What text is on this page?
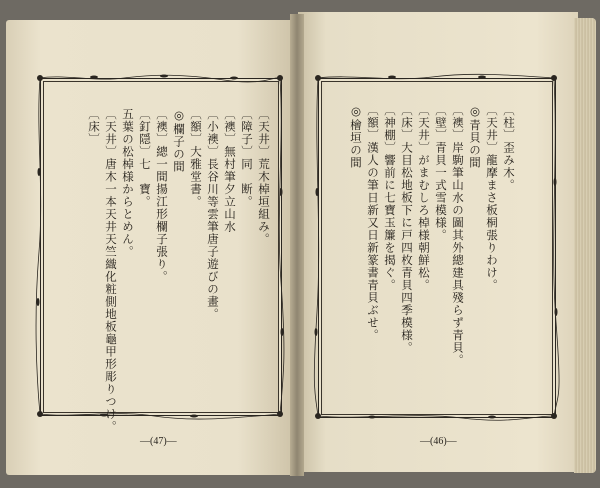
〔天井〕荒木棹垣組み。
〔障子〕同　断。
〔襖〕無村筆夕立山水
〔小襖〕長谷川等雲筆唐子遊びの畫。
〔額〕大雅堂書。
◎欄子の間
〔襖〕總一間揚江形欄子張り。
〔釘隠〕七　寶。
五葉の松棹様からとめん。
〔天井〕唐木一本天井天竺織化粧側地板龜甲形彫りつけ。
〔床〕	〔柱〕歪み木。
〔天井〕龍摩まさ板桐張りわけ。
◎青貝の間
〔襖〕岸駒筆山水の圖其外總建具殘らず青貝。
〔壁〕青貝一式雪模様。
〔天井〕がまむしろ棹様朝鮮松。
〔床〕大目松地板下に戸四枚青貝四季模様。
〔神棚〕響前に七寶玉簾を揭ぐ。
〔額〕漢人の筆日新又日新篆書青貝ぶせ。
◎檜垣の間
—(47)—	—(46)—
